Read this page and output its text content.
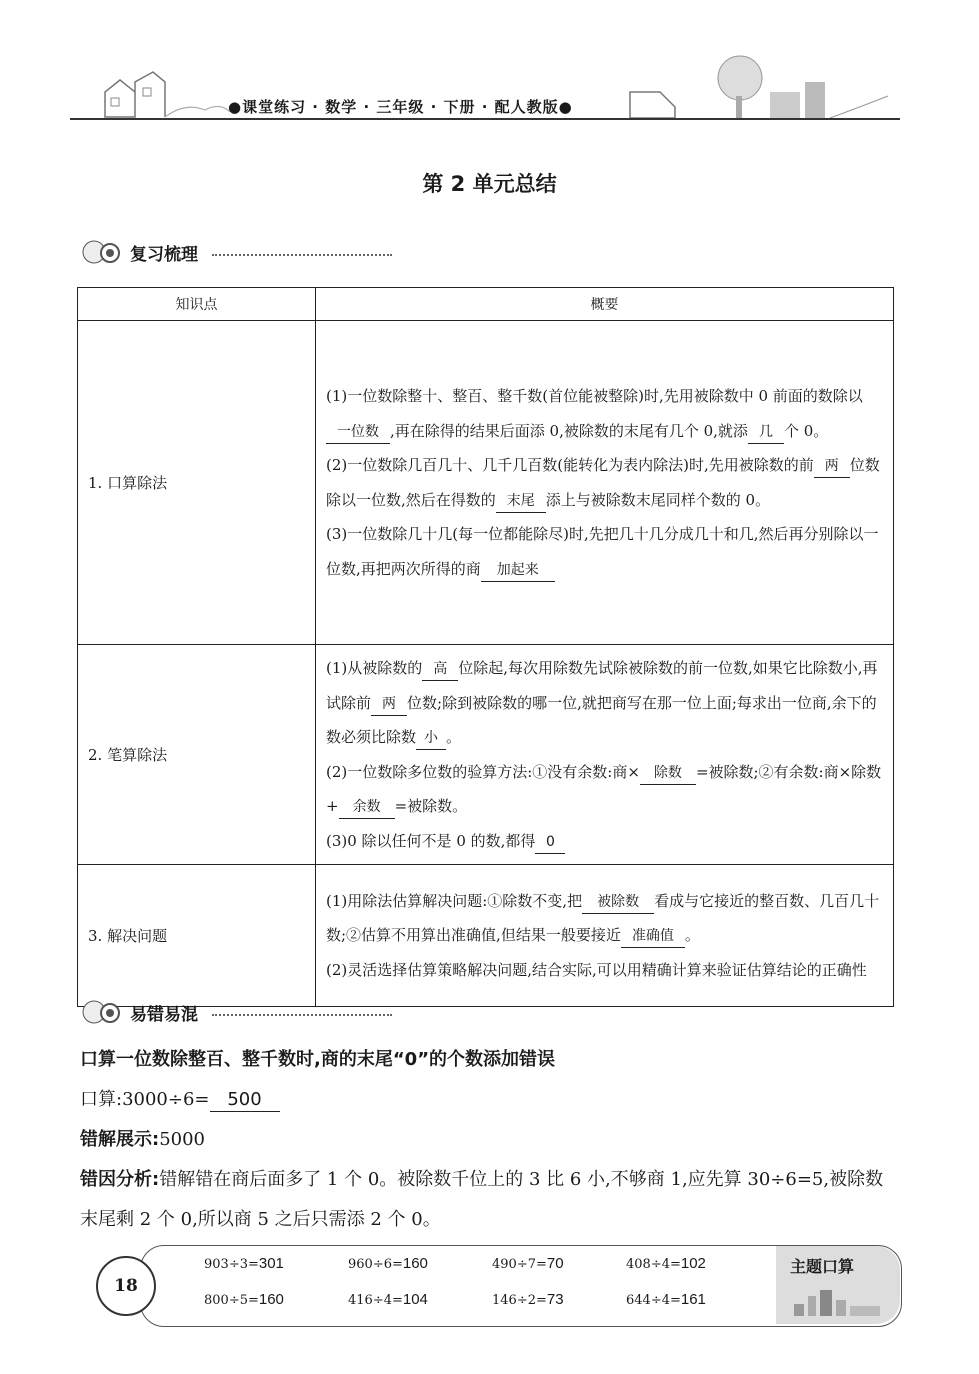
●课堂练习 · 数学 · 三年级 · 下册 · 配人教版●
第 2 单元总结
复习梳理
知识点	概要
1. 口算除法	(1)一位数除整十、整百、整千数(首位能被整除)时,先用被除数中 0 前面的数除以一位数 ,再在除得的结果后面添 0,被除数的末尾有几个 0,就添 几 个 0。
(2)一位数除几百几十、几千几百数(能转化为表内除法)时,先用被除数的前 两 位数除以一位数,然后在得数的 末尾 添上与被除数末尾同样个数的 0。
(3)一位数除几十几(每一位都能除尽)时,先把几十几分成几十和几,然后再分别除以一位数,再把两次所得的商 加起来
2. 笔算除法	(1)从被除数的 高 位除起,每次用除数先试除被除数的前一位数,如果它比除数小,再试除前 两 位数;除到被除数的哪一位,就把商写在那一位上面;每求出一位商,余下的数必须比除数 小 。
(2)一位数除多位数的验算方法:①没有余数:商× 除数 =被除数;②有余数:商×除数+ 余数 =被除数。
(3)0 除以任何不是 0 的数,都得 0
3. 解决问题	(1)用除法估算解决问题:①除数不变,把 被除数 看成与它接近的整百数、几百几十数;②估算不用算出准确值,但结果一般要接近 准确值 。
(2)灵活选择估算策略解决问题,结合实际,可以用精确计算来验证估算结论的正确性
易错易混
口算一位数除整百、整千数时,商的末尾“0”的个数添加错误
口算:3000÷6= 500
错解展示:5000
错因分析:错解错在商后面多了 1 个 0。被除数千位上的 3 比 6 小,不够商 1,应先算 30÷6=5,被除数末尾剩 2 个 0,所以商 5 之后只需添 2 个 0。
18
主题口算
903÷3=301	960÷6=160	490÷7=70	408÷4=102
800÷5=160	416÷4=104	146÷2=73	644÷4=161
